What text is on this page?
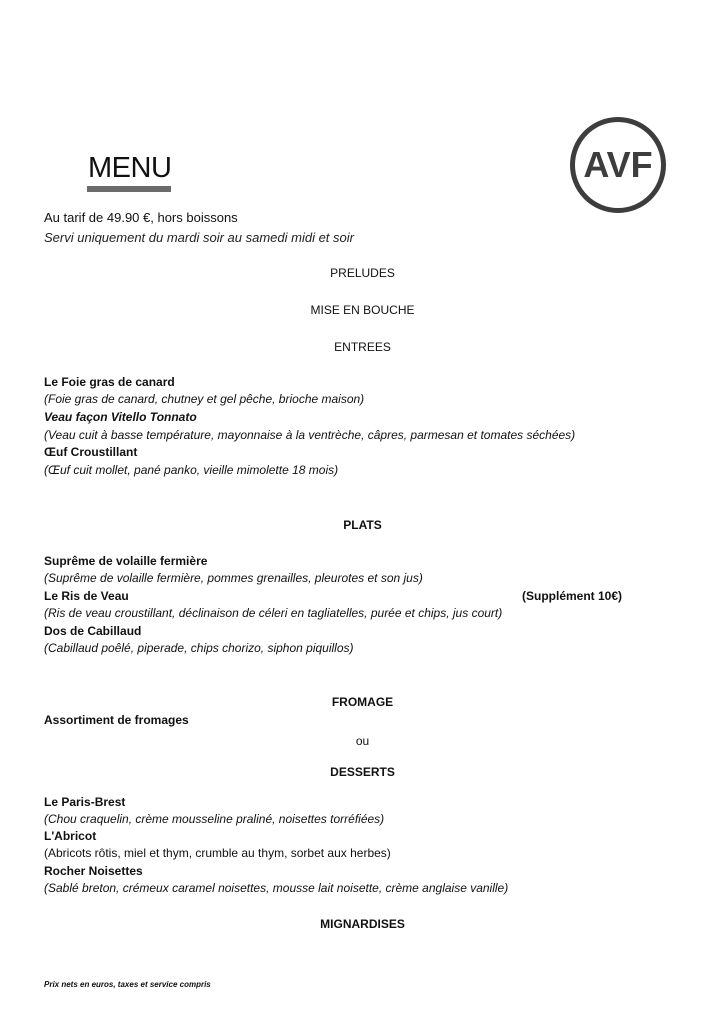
MENU	AVF
Au tarif de 49.90 €, hors boissons
Servi uniquement du mardi soir au samedi midi et soir
PRELUDES
MISE EN BOUCHE
ENTREES
Le Foie gras de canard
(Foie gras de canard, chutney et gel pêche, brioche maison)
Veau façon Vitello Tonnato
(Veau cuit à basse température, mayonnaise à la ventrèche, câpres, parmesan et tomates séchées)
Œuf Croustillant
(Œuf cuit mollet, pané panko, vieille mimolette 18 mois)
PLATS
Suprême de volaille fermière
(Suprême de volaille fermière, pommes grenailles, pleurotes et son jus)
Le Ris de Veau	(Supplément 10€)
(Ris de veau croustillant, déclinaison de céleri en tagliatelles, purée et chips, jus court)
Dos de Cabillaud
(Cabillaud poêlé, piperade, chips chorizo, siphon piquillos)
FROMAGE
Assortiment de fromages
ou
DESSERTS
Le Paris-Brest
(Chou craquelin, crème mousseline praliné, noisettes torréfiées)
L'Abricot
(Abricots rôtis, miel et thym, crumble au thym, sorbet aux herbes)
Rocher Noisettes
(Sablé breton, crémeux caramel noisettes, mousse lait noisette, crème anglaise vanille)
MIGNARDISES
Prix nets en euros, taxes et service compris
